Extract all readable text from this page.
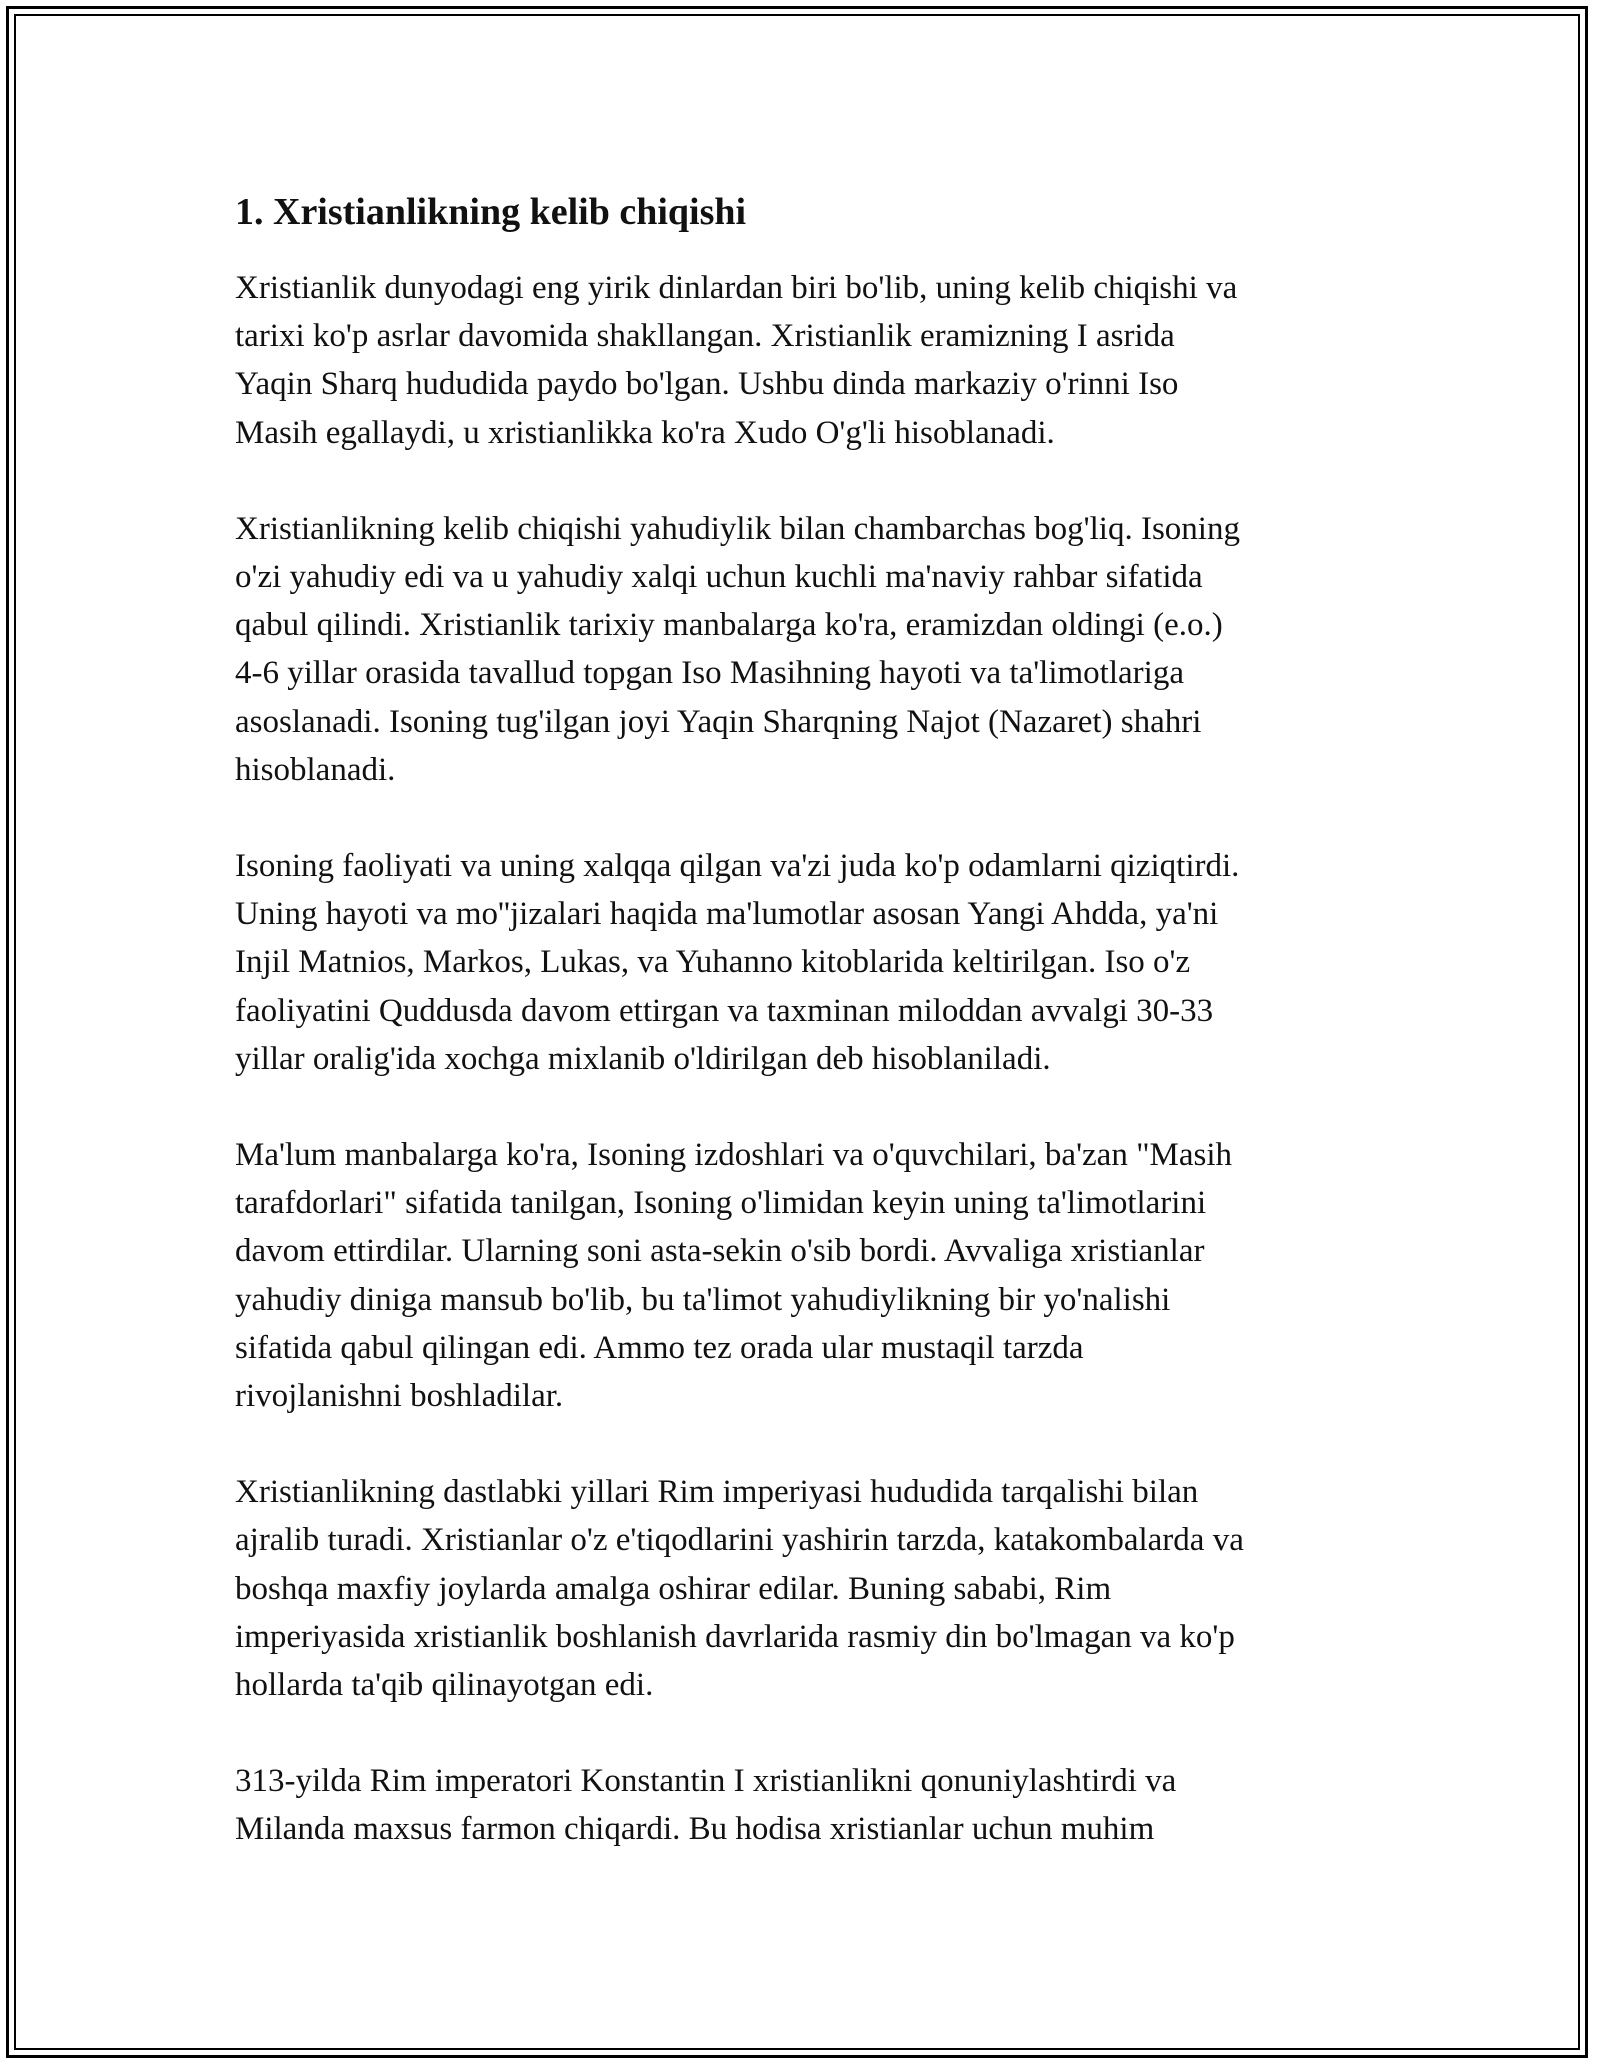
1. Xristianlikning kelib chiqishi

Xristianlik dunyodagi eng yirik dinlardan biri bo'lib, uning kelib chiqishi va
tarixi ko'p asrlar davomida shakllangan. Xristianlik eramizning I asrida
Yaqin Sharq hududida paydo bo'lgan. Ushbu dinda markaziy o'rinni Iso
Masih egallaydi, u xristianlikka ko'ra Xudo O'g'li hisoblanadi.

Xristianlikning kelib chiqishi yahudiylik bilan chambarchas bog'liq. Isoning
o'zi yahudiy edi va u yahudiy xalqi uchun kuchli ma'naviy rahbar sifatida
qabul qilindi. Xristianlik tarixiy manbalarga ko'ra, eramizdan oldingi (e.o.)
4-6 yillar orasida tavallud topgan Iso Masihning hayoti va ta'limotlariga
asoslanadi. Isoning tug'ilgan joyi Yaqin Sharqning Najot (Nazaret) shahri
hisoblanadi.

Isoning faoliyati va uning xalqqa qilgan va'zi juda ko'p odamlarni qiziqtirdi.
Uning hayoti va mo''jizalari haqida ma'lumotlar asosan Yangi Ahdda, ya'ni
Injil Matnios, Markos, Lukas, va Yuhanno kitoblarida keltirilgan. Iso o'z
faoliyatini Quddusda davom ettirgan va taxminan miloddan avvalgi 30-33
yillar oralig'ida xochga mixlanib o'ldirilgan deb hisoblaniladi.

Ma'lum manbalarga ko'ra, Isoning izdoshlari va o'quvchilari, ba'zan "Masih
tarafdorlari" sifatida tanilgan, Isoning o'limidan keyin uning ta'limotlarini
davom ettirdilar. Ularning soni asta-sekin o'sib bordi. Avvaliga xristianlar
yahudiy diniga mansub bo'lib, bu ta'limot yahudiylikning bir yo'nalishi
sifatida qabul qilingan edi. Ammo tez orada ular mustaqil tarzda
rivojlanishni boshladilar.

Xristianlikning dastlabki yillari Rim imperiyasi hududida tarqalishi bilan
ajralib turadi. Xristianlar o'z e'tiqodlarini yashirin tarzda, katakombalarda va
boshqa maxfiy joylarda amalga oshirar edilar. Buning sababi, Rim
imperiyasida xristianlik boshlanish davrlarida rasmiy din bo'lmagan va ko'p
hollarda ta'qib qilinayotgan edi.

313-yilda Rim imperatori Konstantin I xristianlikni qonuniylashtirdi va
Milanda maxsus farmon chiqardi. Bu hodisa xristianlar uchun muhim
